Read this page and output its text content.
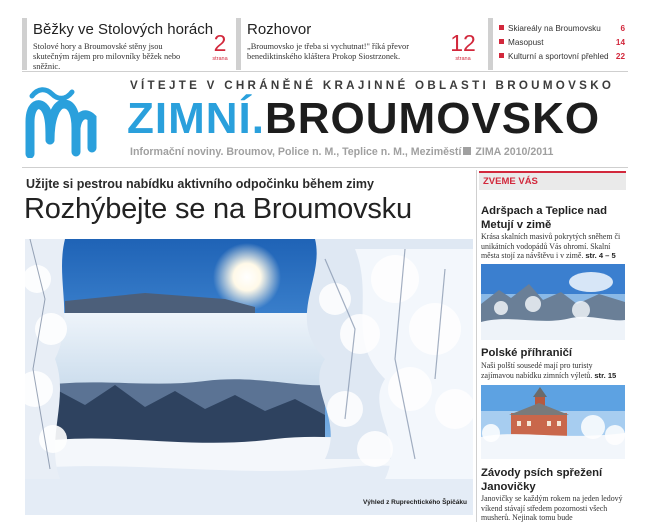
Běžky ve Stolových horách
Stolové hory a Broumovské stěny jsou skutečným rájem pro milovníky běžek nebo sněžnic.
2
strana
Rozhovor
„Broumovsko je třeba si vychutnat!" říká převor benediktinského kláštera Prokop Siostrzonek.
12
strana
Skiareály na Broumovsku 6
Masopust	14
Kulturní a sportovní přehled 22
VÍTEJTE V CHRÁNĚNÉ KRAJINNÉ OBLASTI BROUMOVSKO
ZIMNÍ.BROUMOVSKO
Informační noviny. Broumov, Police n. M., Teplice n. M., Meziměstí ZIMA 2010/2011
Užijte si pestrou nabídku aktivního odpočinku během zimy
Rozhýbejte se na Broumovsku
Výhled z Ruprechtického Špičáku
ZVEME VÁS
Adršpach a Teplice nad
Metují v zimě
Krása skalních masivů pokrytých sněhem či unikátních vodopádů Vás ohromí. Skalní města stojí za návštěvu i v zimě. str. 4 – 5
Polské příhraničí
Naši polští sousedé mají pro turisty zajímavou nabídku zimních výletů. str. 15
Závody psích spřežení
Janovičky
Janovičky se každým rokem na jeden ledový víkend stávají středem pozornosti všech musherů. Nejinak tomu bude
